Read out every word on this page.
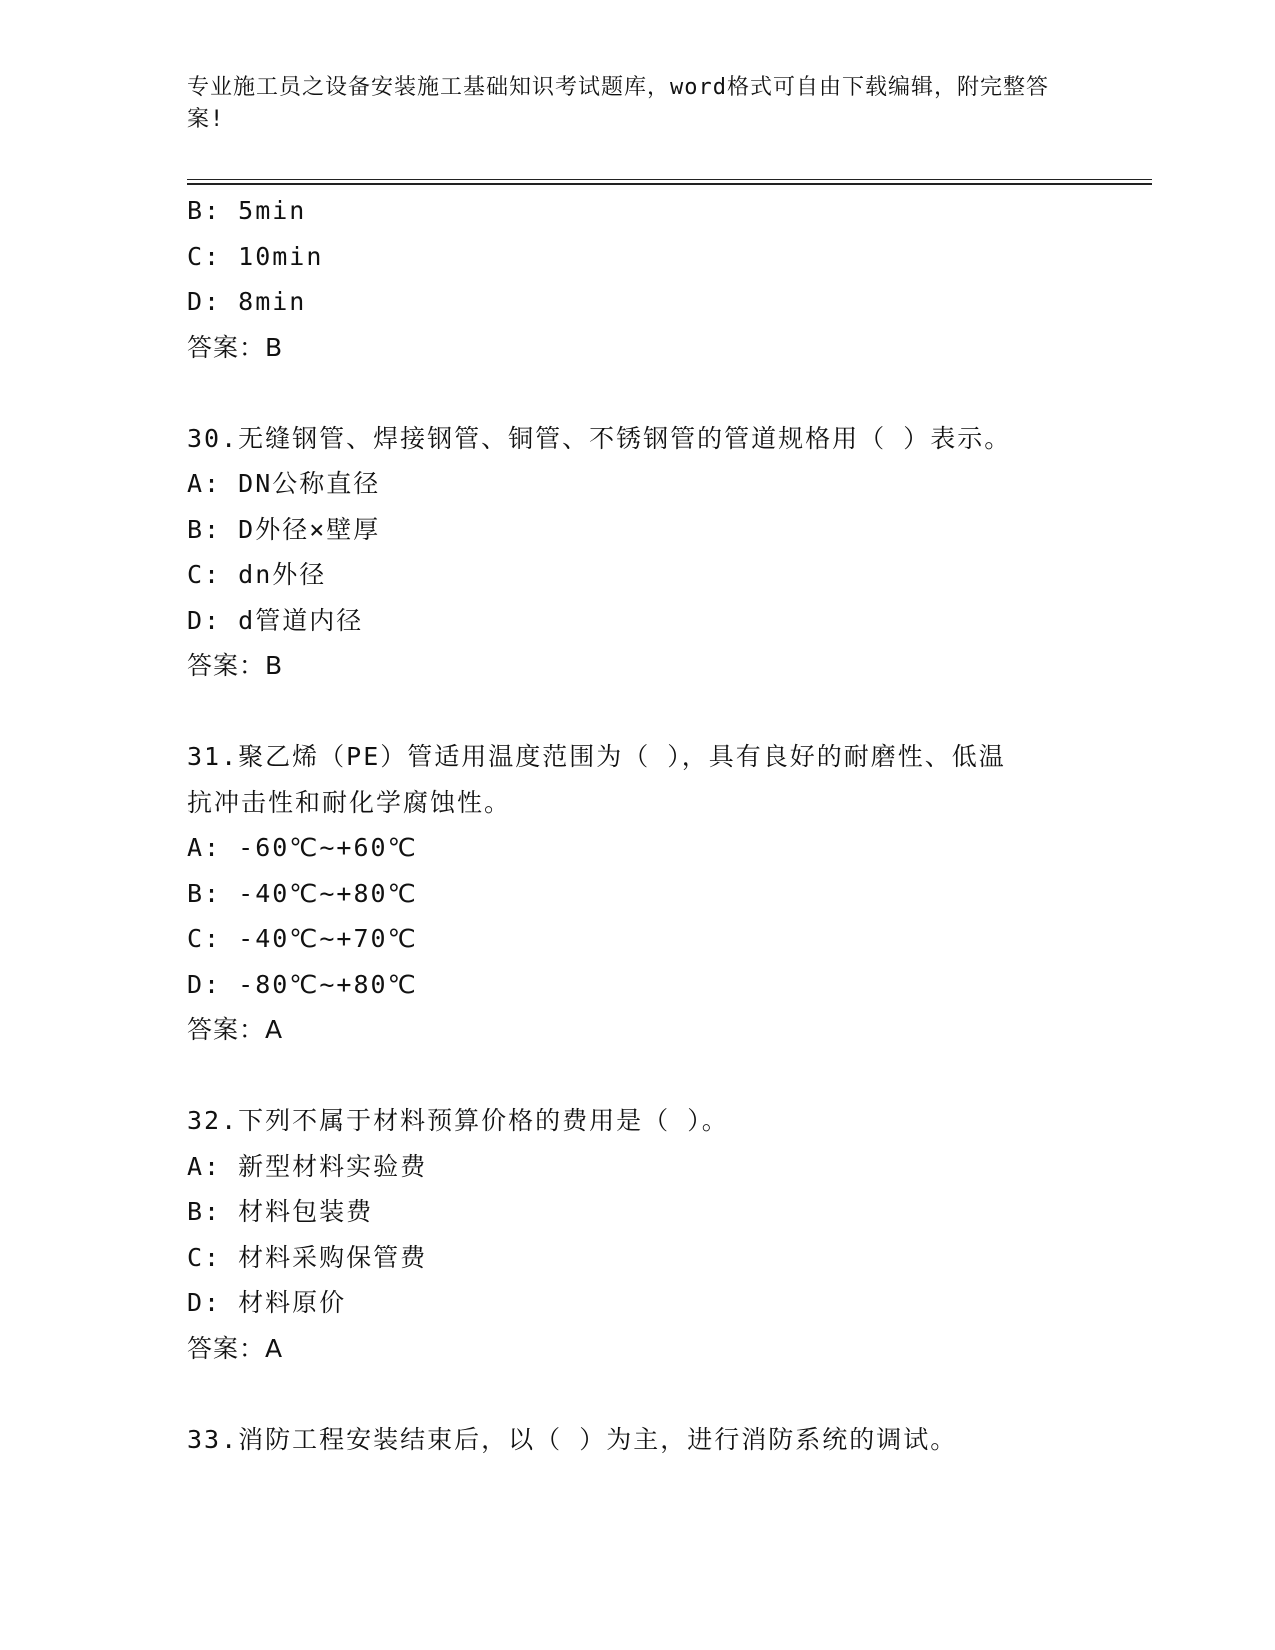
专业施工员之设备安装施工基础知识考试题库，word格式可自由下载编辑，附完整答案!
B: 5min
C: 10min
D: 8min
答案：B
30.无缝钢管、焊接钢管、铜管、不锈钢管的管道规格用（ ）表示。
A: DN公称直径
B: D外径×壁厚
C: dn外径
D: d管道内径
答案：B
31.聚乙烯（PE）管适用温度范围为（ ），具有良好的耐磨性、低温
抗冲击性和耐化学腐蚀性。
A: -60℃~+60℃
B: -40℃~+80℃
C: -40℃~+70℃
D: -80℃~+80℃
答案：A
32.下列不属于材料预算价格的费用是（ ）。
A: 新型材料实验费
B: 材料包装费
C: 材料采购保管费
D: 材料原价
答案：A
33.消防工程安装结束后，以（ ）为主，进行消防系统的调试。
